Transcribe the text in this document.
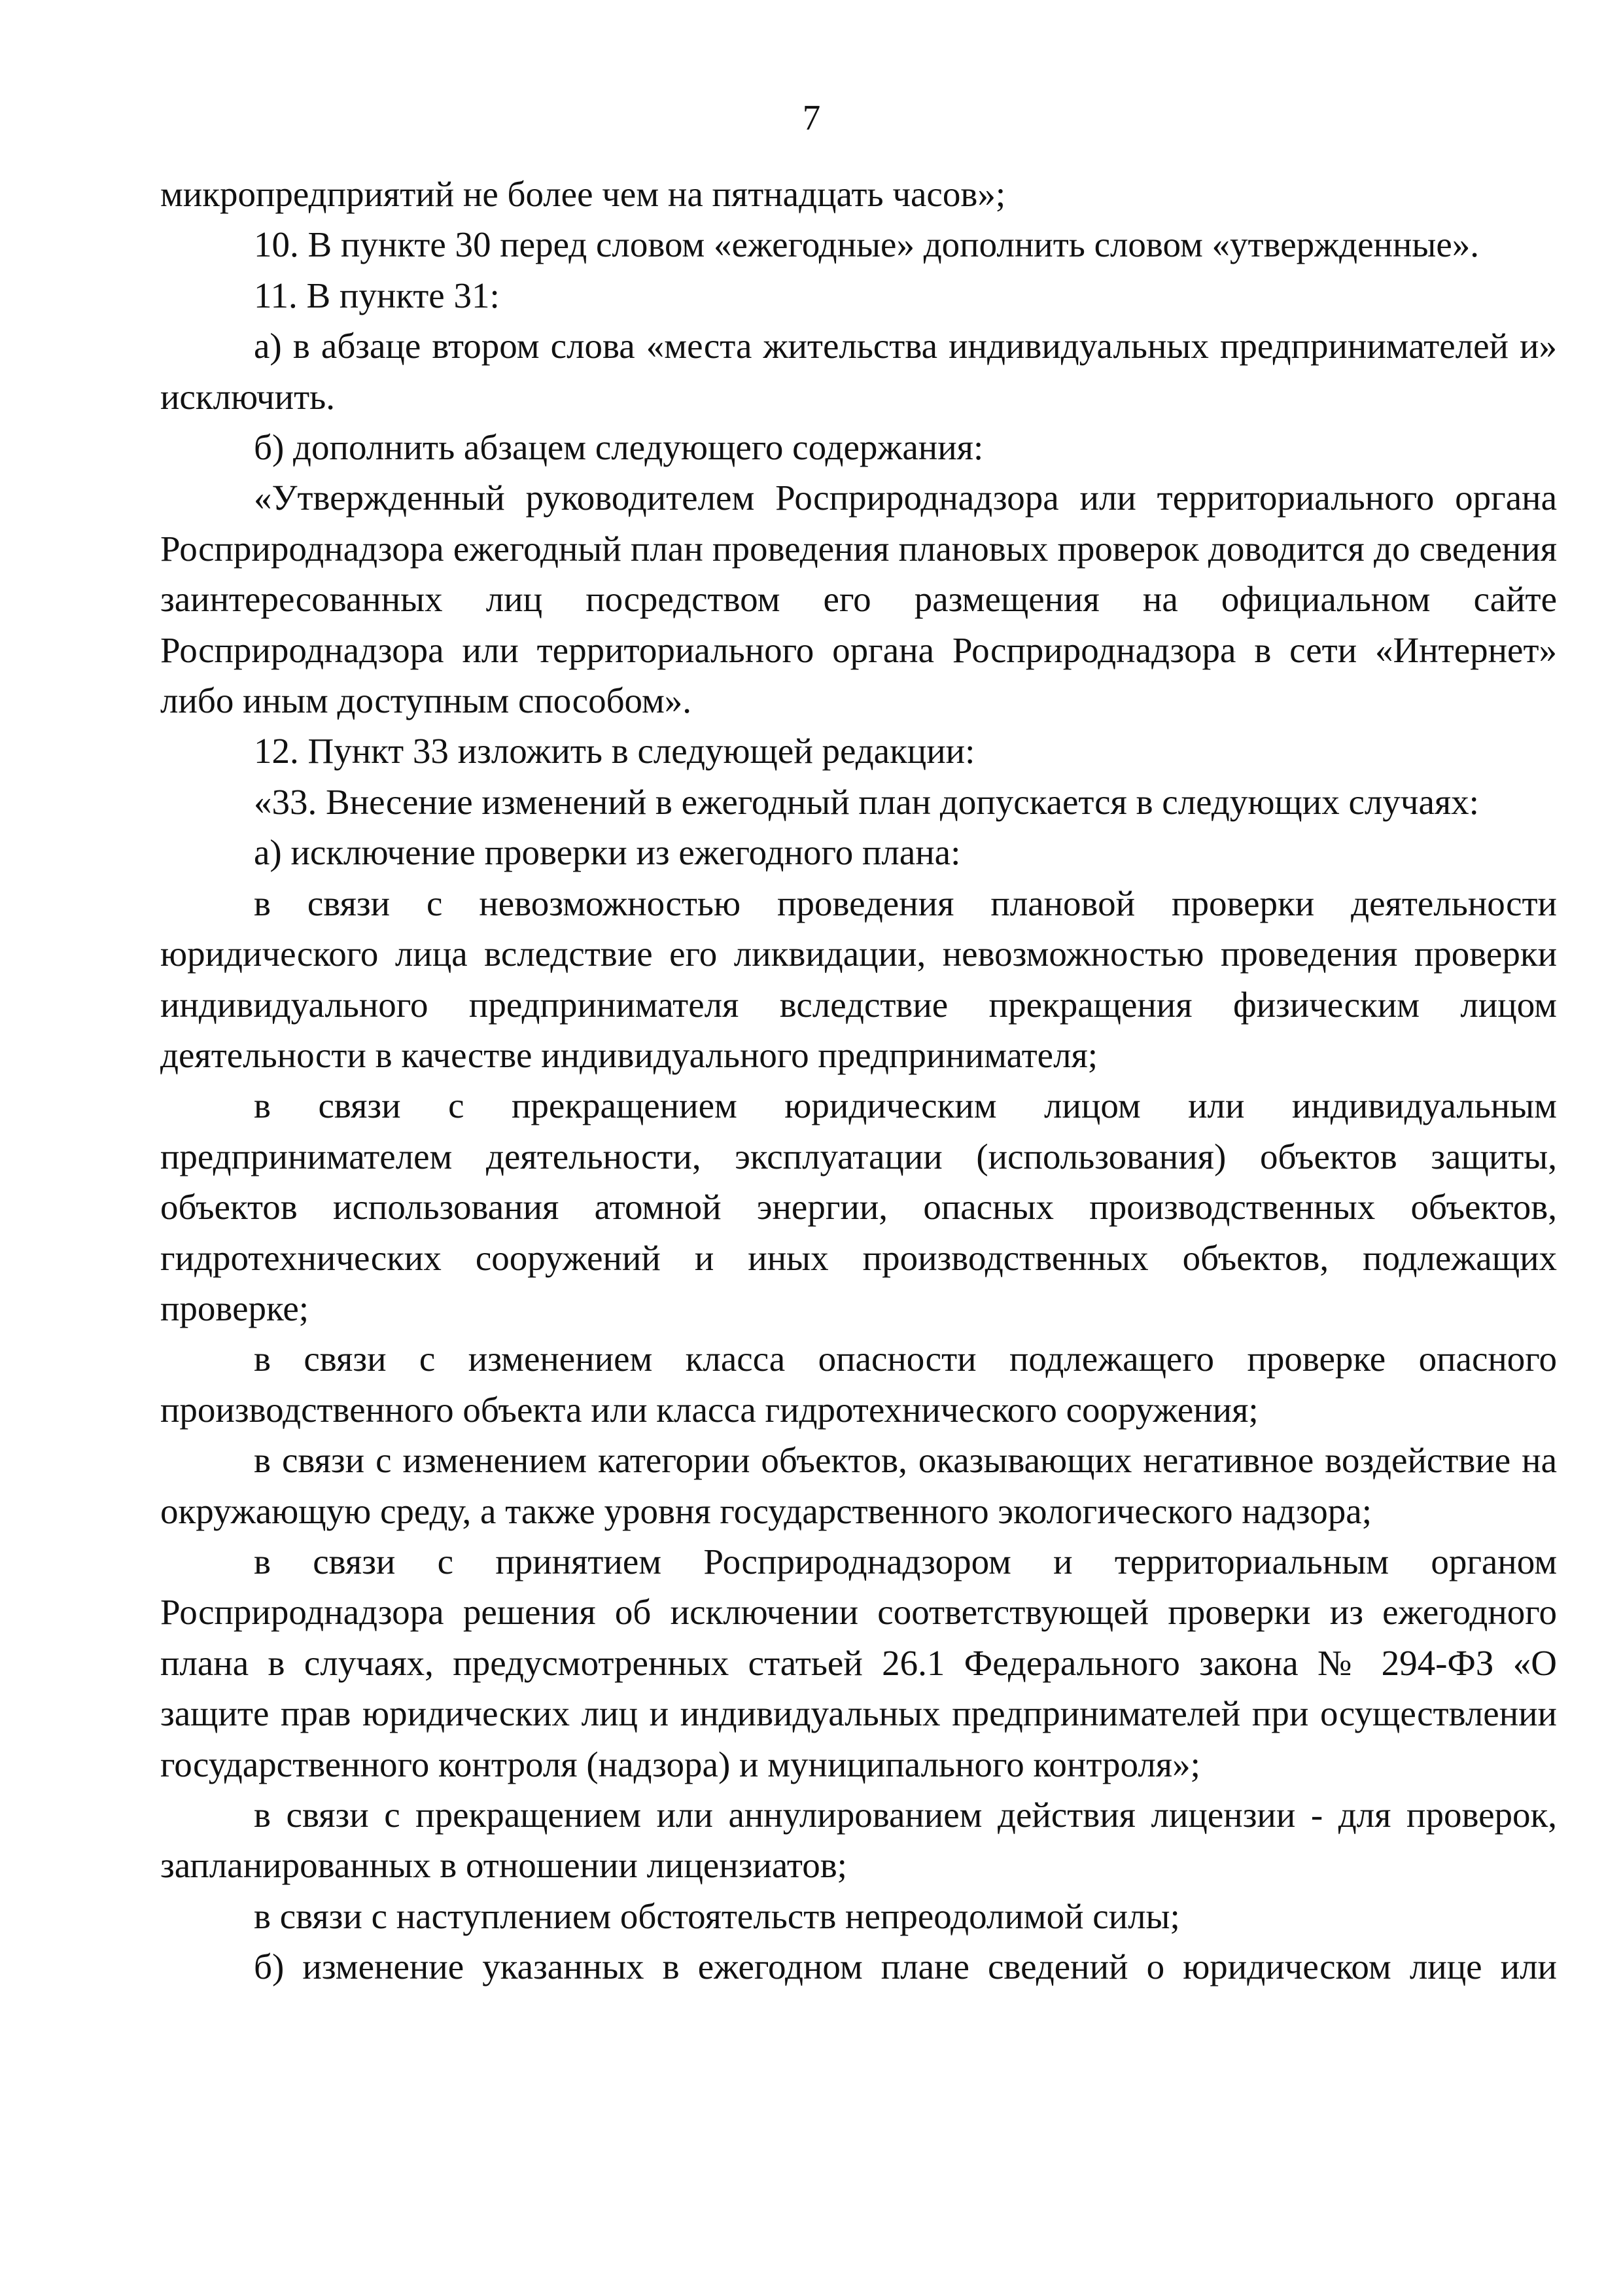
7

микропредприятий не более чем на пятнадцать часов»;

10. В пункте 30 перед словом «ежегодные» дополнить словом «утвержденные».

11. В пункте 31:

а) в абзаце втором слова «места жительства индивидуальных предпринимателей и» исключить.

б) дополнить абзацем следующего содержания:

«Утвержденный руководителем Росприроднадзора или территориального органа Росприроднадзора ежегодный план проведения плановых проверок доводится до сведения заинтересованных лиц посредством его размещения на официальном сайте Росприроднадзора или территориального органа Росприроднадзора в сети «Интернет» либо иным доступным способом».

12. Пункт 33 изложить в следующей редакции:

«33. Внесение изменений в ежегодный план допускается в следующих случаях:

а) исключение проверки из ежегодного плана:

в связи с невозможностью проведения плановой проверки деятельности юридического лица вследствие его ликвидации, невозможностью проведения проверки индивидуального предпринимателя вследствие прекращения физическим лицом деятельности в качестве индивидуального предпринимателя;

в связи с прекращением юридическим лицом или индивидуальным предпринимателем деятельности, эксплуатации (использования) объектов защиты, объектов использования атомной энергии, опасных производственных объектов, гидротехнических сооружений и иных производственных объектов, подлежащих проверке;

в связи с изменением класса опасности подлежащего проверке опасного производственного объекта или класса гидротехнического сооружения;

в связи с изменением категории объектов, оказывающих негативное воздействие на окружающую среду, а также уровня государственного экологического надзора;

в связи с принятием Росприроднадзором и территориальным органом Росприроднадзора решения об исключении соответствующей проверки из ежегодного плана в случаях, предусмотренных статьей 26.1 Федерального закона № 294-ФЗ «О защите прав юридических лиц и индивидуальных предпринимателей при осуществлении государственного контроля (надзора) и муниципального контроля»;

в связи с прекращением или аннулированием действия лицензии - для проверок, запланированных в отношении лицензиатов;

в связи с наступлением обстоятельств непреодолимой силы;

б) изменение указанных в ежегодном плане сведений о юридическом лице или
